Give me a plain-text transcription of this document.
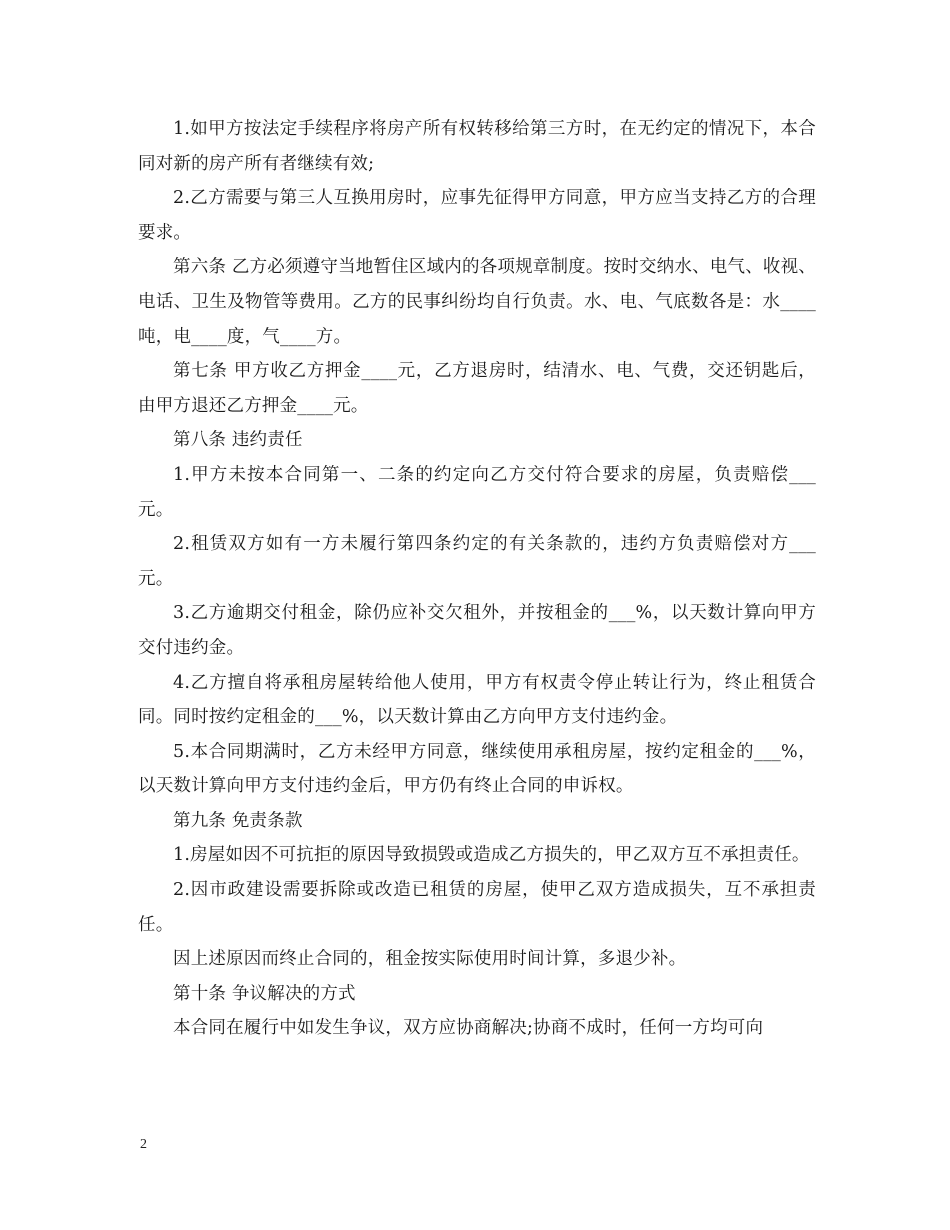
1.如甲方按法定手续程序将房产所有权转移给第三方时，在无约定的情况下，本合同对新的房产所有者继续有效;

2.乙方需要与第三人互换用房时，应事先征得甲方同意，甲方应当支持乙方的合理要求。

第六条 乙方必须遵守当地暂住区域内的各项规章制度。按时交纳水、电气、收视、电话、卫生及物管等费用。乙方的民事纠纷均自行负责。水、电、气底数各是：水____吨，电____度，气____方。

第七条 甲方收乙方押金____元，乙方退房时，结清水、电、气费，交还钥匙后，由甲方退还乙方押金____元。

第八条 违约责任

1.甲方未按本合同第一、二条的约定向乙方交付符合要求的房屋，负责赔偿___元。

2.租赁双方如有一方未履行第四条约定的有关条款的，违约方负责赔偿对方___元。

3.乙方逾期交付租金，除仍应补交欠租外，并按租金的___%，以天数计算向甲方交付违约金。

4.乙方擅自将承租房屋转给他人使用，甲方有权责令停止转让行为，终止租赁合同。同时按约定租金的___%，以天数计算由乙方向甲方支付违约金。

5.本合同期满时，乙方未经甲方同意，继续使用承租房屋，按约定租金的___%，以天数计算向甲方支付违约金后，甲方仍有终止合同的申诉权。

第九条 免责条款

1.房屋如因不可抗拒的原因导致损毁或造成乙方损失的，甲乙双方互不承担责任。

2.因市政建设需要拆除或改造已租赁的房屋，使甲乙双方造成损失，互不承担责任。

因上述原因而终止合同的，租金按实际使用时间计算，多退少补。

第十条 争议解决的方式

本合同在履行中如发生争议，双方应协商解决;协商不成时，任何一方均可向

2
